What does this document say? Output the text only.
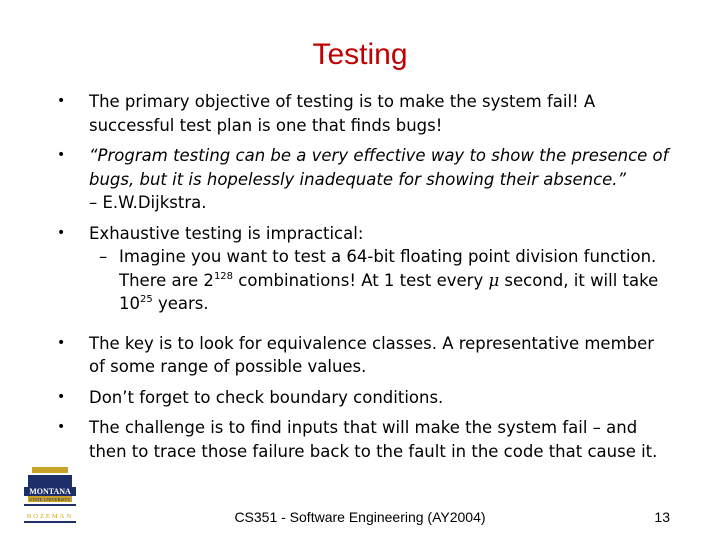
Testing
• The primary objective of testing is to make the system fail! A successful test plan is one that finds bugs!
• “Program testing can be a very effective way to show the presence of bugs, but it is hopelessly inadequate for showing their absence.”
– E.W.Dijkstra.
• Exhaustive testing is impractical:
– Imagine you want to test a 64-bit floating point division function. There are $2^{128}$ combinations! At 1 test every μ second, it will take $10^{25}$ years.
• The key is to look for equivalence classes. A representative member of some range of possible values.
• Don’t forget to check boundary conditions.
• The challenge is to find inputs that will make the system fail – and then to trace those failure back to the fault in the code that cause it.
MONTANA
STATE UNIVERSITY
BOZEMAN	CS351 - Software Engineering (AY2004)	13
